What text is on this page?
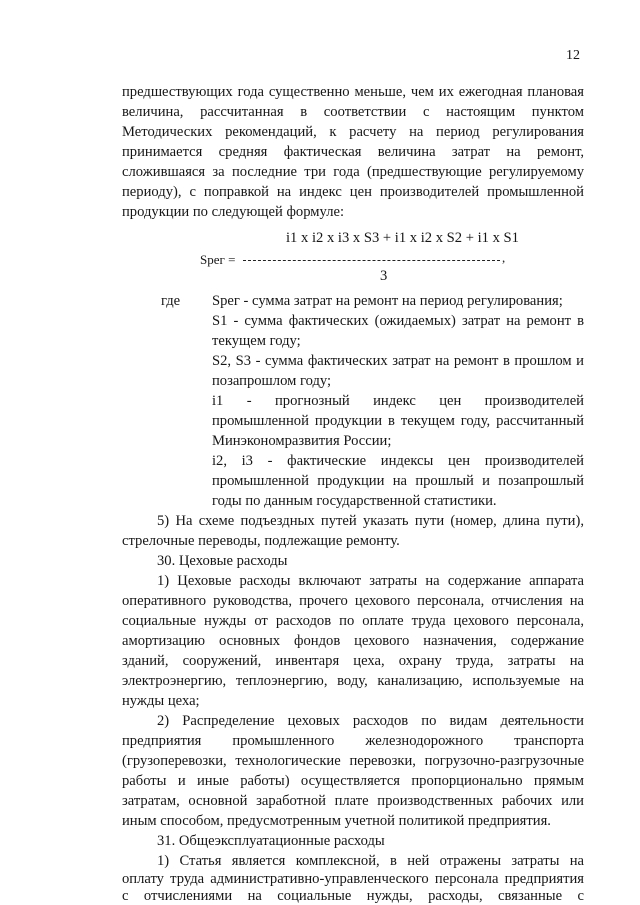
12
предшествующих года существенно меньше, чем их ежегодная плановая
величина, рассчитанная в соответствии с настоящим пунктом
Методических рекомендаций, к расчету на период регулирования
принимается средняя фактическая величина затрат на ремонт,
сложившаяся за последние три года (предшествующие регулируемому
периоду), с поправкой на индекс цен производителей промышленной
продукции по следующей формуле:
i1 x i2 x i3 x S3 + i1 x i2 x S2 + i1 x S1
Sрег =	,
3
где Sрег - сумма затрат на ремонт на период регулирования;
S1 - сумма фактических (ожидаемых) затрат на ремонт в
текущем году;
S2, S3 - сумма фактических затрат на ремонт в прошлом и
позапрошлом году;
i1 - прогнозный индекс цен производителей
промышленной продукции в текущем году, рассчитанный
Минэкономразвития России;
i2, i3 - фактические индексы цен производителей
промышленной продукции на прошлый и позапрошлый
годы по данным государственной статистики.
5) На схеме подъездных путей указать пути (номер, длина пути),
стрелочные переводы, подлежащие ремонту.
30. Цеховые расходы
1) Цеховые расходы включают затраты на содержание аппарата
оперативного руководства, прочего цехового персонала, отчисления на
социальные нужды от расходов по оплате труда цехового персонала,
амортизацию основных фондов цехового назначения, содержание
зданий, сооружений, инвентаря цеха, охрану труда, затраты на
электроэнергию, теплоэнергию, воду, канализацию, используемые на
нужды цеха;
2) Распределение цеховых расходов по видам деятельности
предприятия промышленного железнодорожного транспорта
(грузоперевозки, технологические перевозки, погрузочно-разгрузочные
работы и иные работы) осуществляется пропорционально прямым
затратам, основной заработной плате производственных рабочих или
иным способом, предусмотренным учетной политикой предприятия.
31. Общеэксплуатационные расходы
1) Статья является комплексной, в ней отражены затраты на
оплату труда административно-управленческого персонала предприятия
с отчислениями на социальные нужды, расходы, связанные с
